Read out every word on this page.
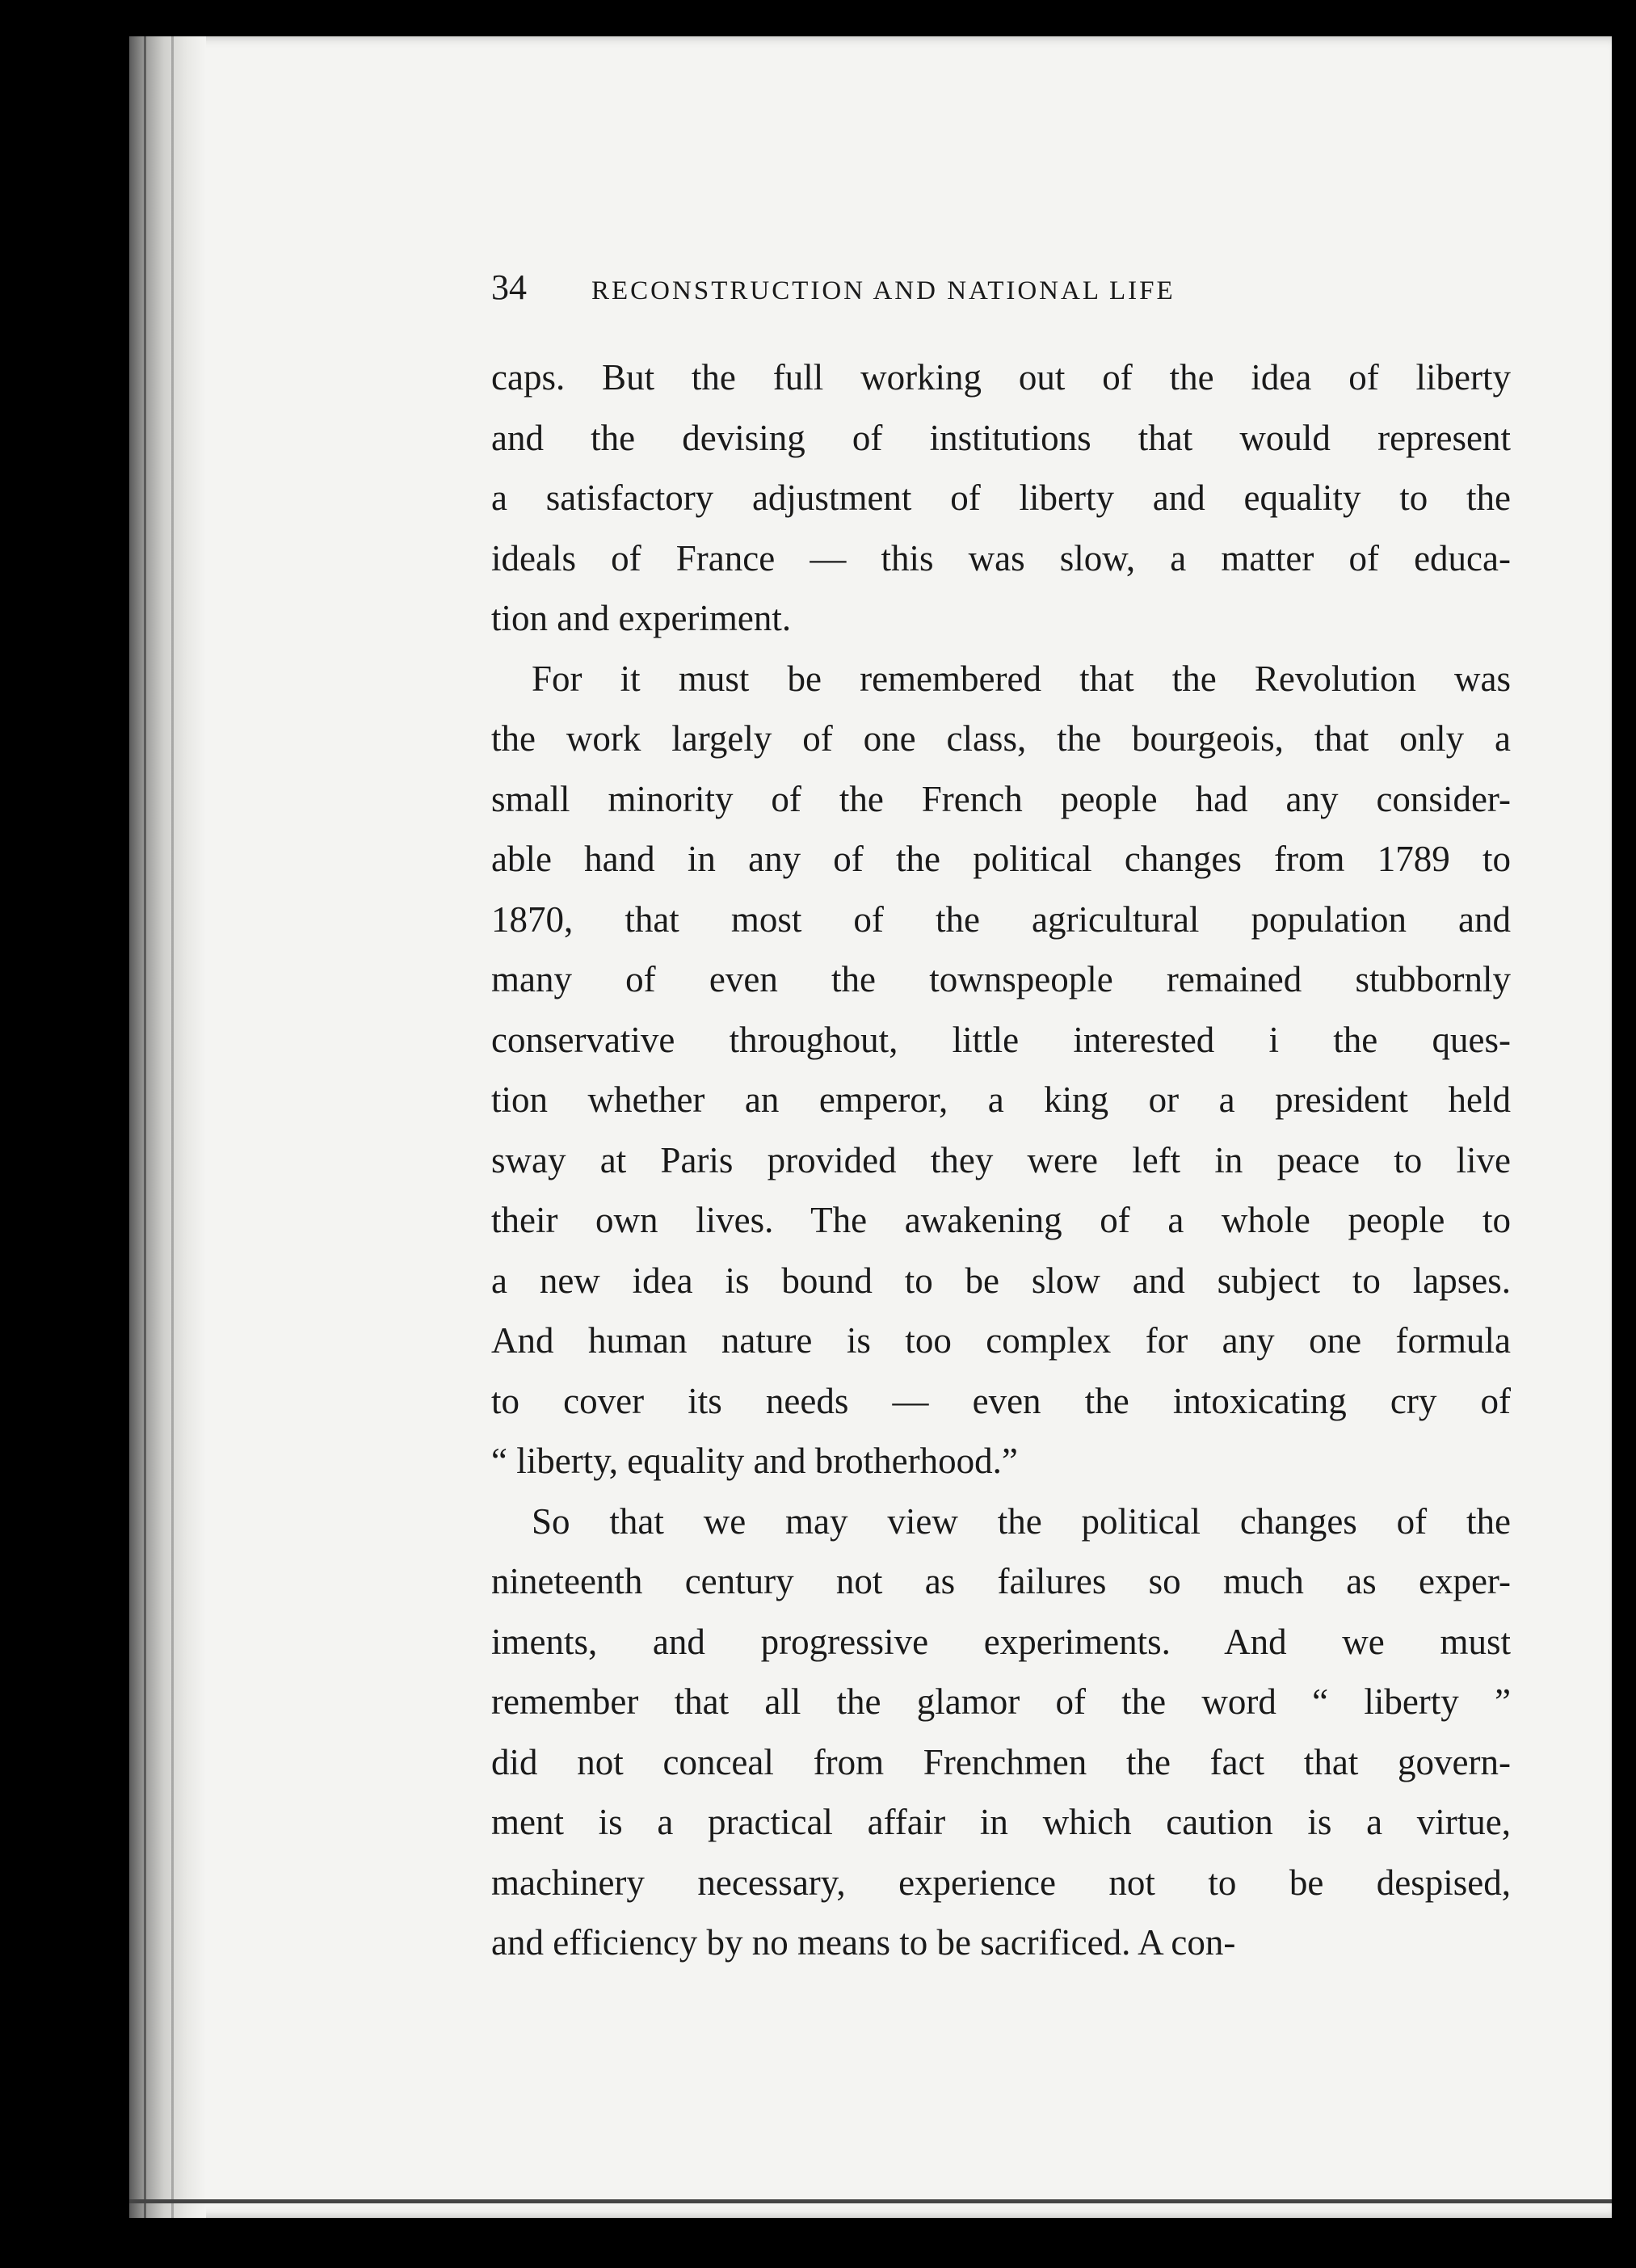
34 RECONSTRUCTION AND NATIONAL LIFE
caps. But the full working out of the idea of liberty
and the devising of institutions that would represent
a satisfactory adjustment of liberty and equality to the
ideals of France — this was slow, a matter of educa-
tion and experiment.
For it must be remembered that the Revolution was
the work largely of one class, the bourgeois, that only a
small minority of the French people had any consider-
able hand in any of the political changes from 1789 to
1870, that most of the agricultural population and
many of even the townspeople remained stubbornly
conservative throughout, little interested i the ques-
tion whether an emperor, a king or a president held
sway at Paris provided they were left in peace to live
their own lives. The awakening of a whole people to
a new idea is bound to be slow and subject to lapses.
And human nature is too complex for any one formula
to cover its needs — even the intoxicating cry of
“ liberty, equality and brotherhood.”
So that we may view the political changes of the
nineteenth century not as failures so much as exper-
iments, and progressive experiments. And we must
remember that all the glamor of the word “ liberty ”
did not conceal from Frenchmen the fact that govern-
ment is a practical affair in which caution is a virtue,
machinery necessary, experience not to be despised,
and efficiency by no means to be sacrificed. A con-
